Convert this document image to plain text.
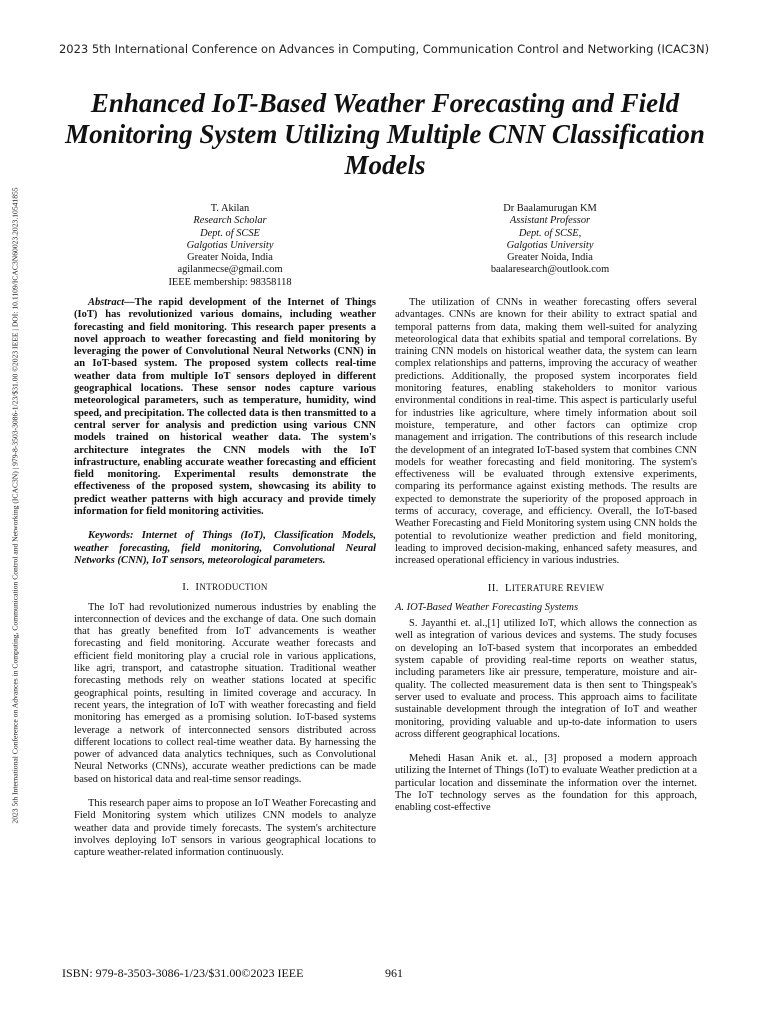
2023 5th International Conference on Advances in Computing, Communication Control and Networking (ICAC3N)
2023 5th International Conference on Advances in Computing, Communication Control and Networking (ICAC3N) | 979-8-3503-3086-1/23/$31.00 ©2023 IEEE | DOI: 10.1109/ICAC3N60023.2023.10541855
Enhanced IoT-Based Weather Forecasting and Field Monitoring System Utilizing Multiple CNN Classification Models
T. Akilan
Research Scholar
Dept. of SCSE
Galgotias University
Greater Noida, India
agilanmecse@gmail.com
IEEE membership: 98358118
Dr Baalamurugan KM
Assistant Professor
Dept. of SCSE,
Galgotias University
Greater Noida, India
baalaresearch@outlook.com

Abstract—The rapid development of the Internet of Things (IoT) has revolutionized various domains, including weather forecasting and field monitoring. This research paper presents a novel approach to weather forecasting and field monitoring by leveraging the power of Convolutional Neural Networks (CNN) in an IoT-based system. The proposed system collects real-time weather data from multiple IoT sensors deployed in different geographical locations. These sensor nodes capture various meteorological parameters, such as temperature, humidity, wind speed, and precipitation. The collected data is then transmitted to a central server for analysis and prediction using various CNN models trained on historical weather data. The system's architecture integrates the CNN models with the IoT infrastructure, enabling accurate weather forecasting and efficient field monitoring. Experimental results demonstrate the effectiveness of the proposed system, showcasing its ability to predict weather patterns with high accuracy and provide timely information for field monitoring activities.

Keywords: Internet of Things (IoT), Classification Models, weather forecasting, field monitoring, Convolutional Neural Networks (CNN), IoT sensors, meteorological parameters.

I. INTRODUCTION

The IoT had revolutionized numerous industries by enabling the interconnection of devices and the exchange of data. One such domain that has greatly benefited from IoT advancements is weather forecasting and field monitoring. Accurate weather forecasts and efficient field monitoring play a crucial role in various applications, like agri, transport, and catastrophe situation. Traditional weather forecasting methods rely on weather stations located at specific geographical points, resulting in limited coverage and accuracy. In recent years, the integration of IoT with weather forecasting and field monitoring has emerged as a promising solution. IoT-based systems leverage a network of interconnected sensors distributed across different locations to collect real-time weather data. By harnessing the power of advanced data analytics techniques, such as Convolutional Neural Networks (CNNs), accurate weather predictions can be made based on historical data and real-time sensor readings.

This research paper aims to propose an IoT Weather Forecasting and Field Monitoring system which utilizes CNN models to analyze weather data and provide timely forecasts. The system's architecture involves deploying IoT sensors in various geographical locations to capture weather-related information continuously.

The utilization of CNNs in weather forecasting offers several advantages. CNNs are known for their ability to extract spatial and temporal patterns from data, making them well-suited for analyzing meteorological data that exhibits spatial and temporal correlations. By training CNN models on historical weather data, the system can learn complex relationships and patterns, improving the accuracy of weather predictions. Additionally, the proposed system incorporates field monitoring features, enabling stakeholders to monitor various environmental conditions in real-time. This aspect is particularly useful for industries like agriculture, where timely information about soil moisture, temperature, and other factors can optimize crop management and irrigation. The contributions of this research include the development of an integrated IoT-based system that combines CNN models for weather forecasting and field monitoring. The system's effectiveness will be evaluated through extensive experiments, comparing its performance against existing methods. The results are expected to demonstrate the superiority of the proposed approach in terms of accuracy, coverage, and efficiency. Overall, the IoT-based Weather Forecasting and Field Monitoring system using CNN holds the potential to revolutionize weather prediction and field monitoring, leading to improved decision-making, enhanced safety measures, and increased operational efficiency in various industries.

II. LITERATURE REVIEW

A. IOT-Based Weather Forecasting Systems

S. Jayanthi et. al.,[1] utilized IoT, which allows the connection as well as integration of various devices and systems. The study focuses on developing an IoT-based system that incorporates an embedded system capable of providing real-time reports on weather status, including parameters like air pressure, temperature, moisture and air-quality. The collected measurement data is then sent to Thingspeak's server used to evaluate and process. This approach aims to facilitate sustainable development through the integration of IoT and weather monitoring, providing valuable and up-to-date information to users across different geographical locations.

Mehedi Hasan Anik et. al., [3] proposed a modern approach utilizing the Internet of Things (IoT) to evaluate Weather prediction at a particular location and disseminate the information over the internet. The IoT technology serves as the foundation for this approach, enabling cost-effective

ISBN: 979-8-3503-3086-1/23/$31.00©2023 IEEE	961
